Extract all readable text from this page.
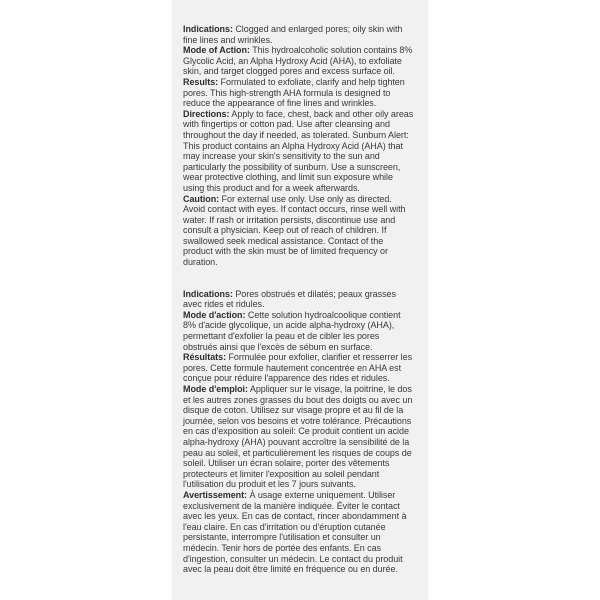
Indications: Clogged and enlarged pores; oily skin with fine lines and wrinkles.

Mode of Action: This hydroalcoholic solution contains 8% Glycolic Acid, an Alpha Hydroxy Acid (AHA), to exfoliate skin, and target clogged pores and excess surface oil.

Results: Formulated to exfoliate, clarify and help tighten pores. This high-strength AHA formula is designed to reduce the appearance of fine lines and wrinkles.

Directions: Apply to face, chest, back and other oily areas with fingertips or cotton pad. Use after cleansing and throughout the day if needed, as tolerated. Sunburn Alert: This product contains an Alpha Hydroxy Acid (AHA) that may increase your skin's sensitivity to the sun and particularly the possibility of sunburn. Use a sunscreen, wear protective clothing, and limit sun exposure while using this product and for a week afterwards.

Caution: For external use only. Use only as directed. Avoid contact with eyes. If contact occurs, rinse well with water. If rash or irritation persists, discontinue use and consult a physician. Keep out of reach of children. If swallowed seek medical assistance. Contact of the product with the skin must be of limited frequency or duration.

Indications: Pores obstrués et dilatés; peaux grasses avec rides et ridules.

Mode d'action: Cette solution hydroalcoolique contient 8% d'acide glycolique, un acide alpha-hydroxy (AHA), permettant d'exfolier la peau et de cibler les pores obstrués ainsi que l'excès de sébum en surface.

Résultats: Formulée pour exfolier, clarifier et resserrer les pores. Cette formule hautement concentrée en AHA est conçue pour réduire l'apparence des rides et ridules.

Mode d'emploi: Appliquer sur le visage, la poitrine, le dos et les autres zones grasses du bout des doigts ou avec un disque de coton. Utilisez sur visage propre et au fil de la journée, selon vos besoins et votre tolérance. Précautions en cas d'exposition au soleil: Ce produit contient un acide alpha-hydroxy (AHA) pouvant accroître la sensibilité de la peau au soleil, et particulièrement les risques de coups de soleil. Utiliser un écran solaire, porter des vêtements protecteurs et limiter l'exposition au soleil pendant l'utilisation du produit et les 7 jours suivants.

Avertissement: À usage externe uniquement. Utiliser exclusivement de la manière indiquée. Éviter le contact avec les yeux. En cas de contact, rincer abondamment à l'eau claire. En cas d'irritation ou d'éruption cutanée persistante, interrompre l'utilisation et consulter un médecin. Tenir hors de portée des enfants. En cas d'ingestion, consulter un médecin. Le contact du produit avec la peau doit être limité en fréquence ou en durée.
